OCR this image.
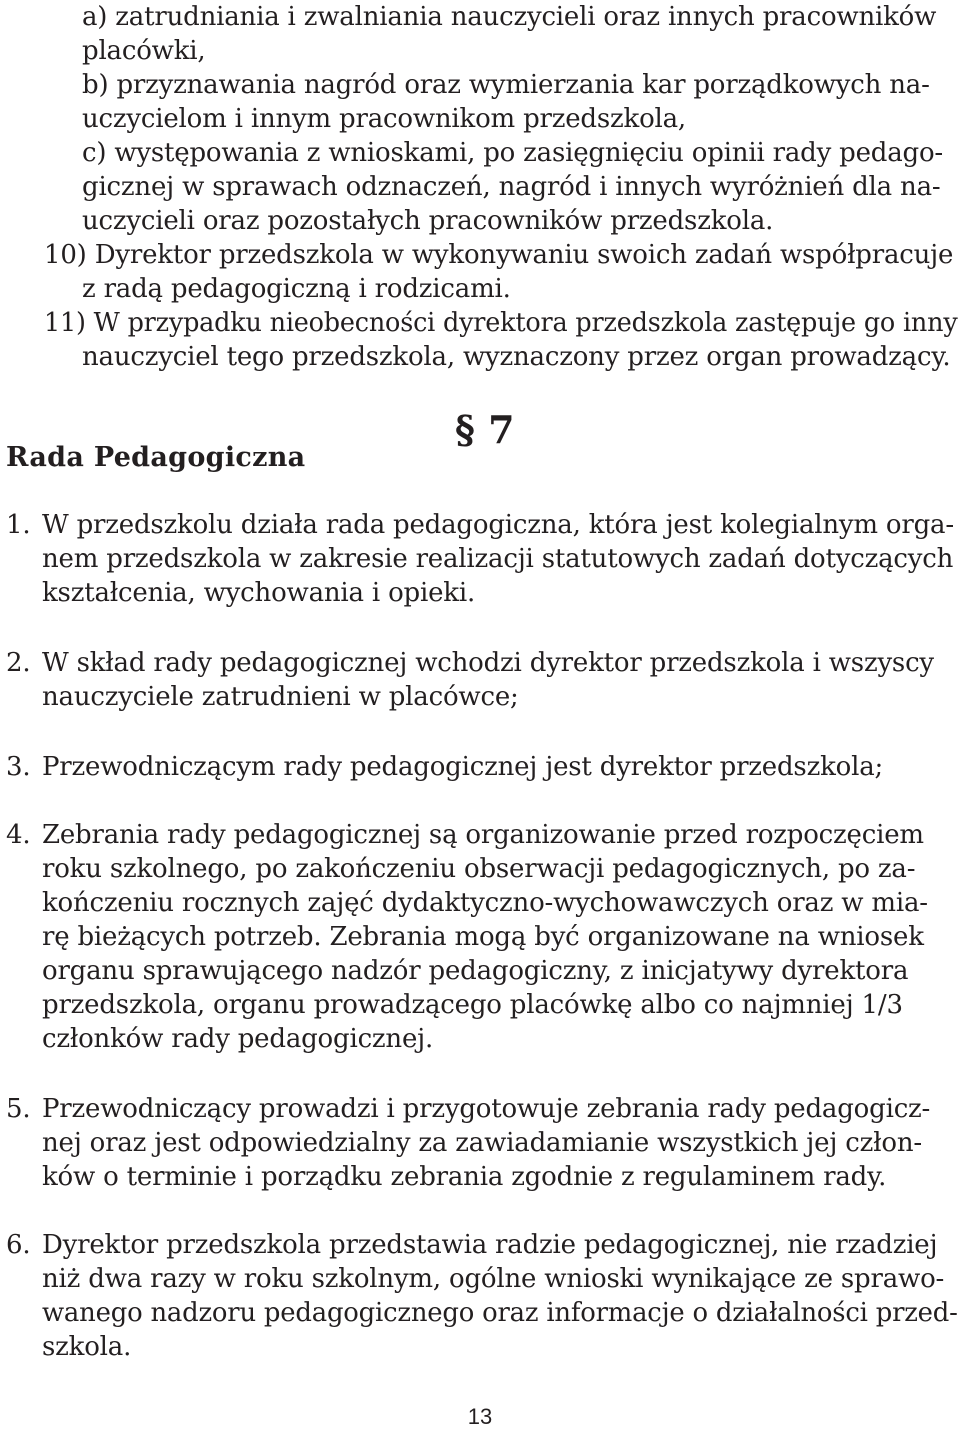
a) zatrudniania i zwalniania nauczycieli oraz innych pracowników
placówki,
b) przyznawania nagród oraz wymierzania kar porządkowych na-
uczycielom i innym pracownikom przedszkola,
c) występowania z wnioskami, po zasięgnięciu opinii rady pedago-
gicznej w sprawach odznaczeń, nagród i innych wyróżnień dla na-
uczycieli oraz pozostałych pracowników przedszkola.
10) Dyrektor przedszkola w wykonywaniu swoich zadań współpracuje
z radą pedagogiczną i rodzicami.
11) W przypadku nieobecności dyrektora przedszkola zastępuje go inny
nauczyciel tego przedszkola, wyznaczony przez organ prowadzący.
§ 7
Rada Pedagogiczna
1. W przedszkolu działa rada pedagogiczna, która jest kolegialnym orga-
nem przedszkola w zakresie realizacji statutowych zadań dotyczących
kształcenia, wychowania i opieki.
2. W skład rady pedagogicznej wchodzi dyrektor przedszkola i wszyscy
nauczyciele zatrudnieni w placówce;
3. Przewodniczącym rady pedagogicznej jest dyrektor przedszkola;
4. Zebrania rady pedagogicznej są organizowanie przed rozpoczęciem
roku szkolnego, po zakończeniu obserwacji pedagogicznych, po za-
kończeniu rocznych zajęć dydaktyczno-wychowawczych oraz w mia-
rę bieżących potrzeb. Zebrania mogą być organizowane na wniosek
organu sprawującego nadzór pedagogiczny, z inicjatywy dyrektora
przedszkola, organu prowadzącego placówkę albo co najmniej 1/3
członków rady pedagogicznej.
5. Przewodniczący prowadzi i przygotowuje zebrania rady pedagogicz-
nej oraz jest odpowiedzialny za zawiadamianie wszystkich jej człon-
ków o terminie i porządku zebrania zgodnie z regulaminem rady.
6. Dyrektor przedszkola przedstawia radzie pedagogicznej, nie rzadziej
niż dwa razy w roku szkolnym, ogólne wnioski wynikające ze sprawo-
wanego nadzoru pedagogicznego oraz informacje o działalności przed-
szkola.
13
